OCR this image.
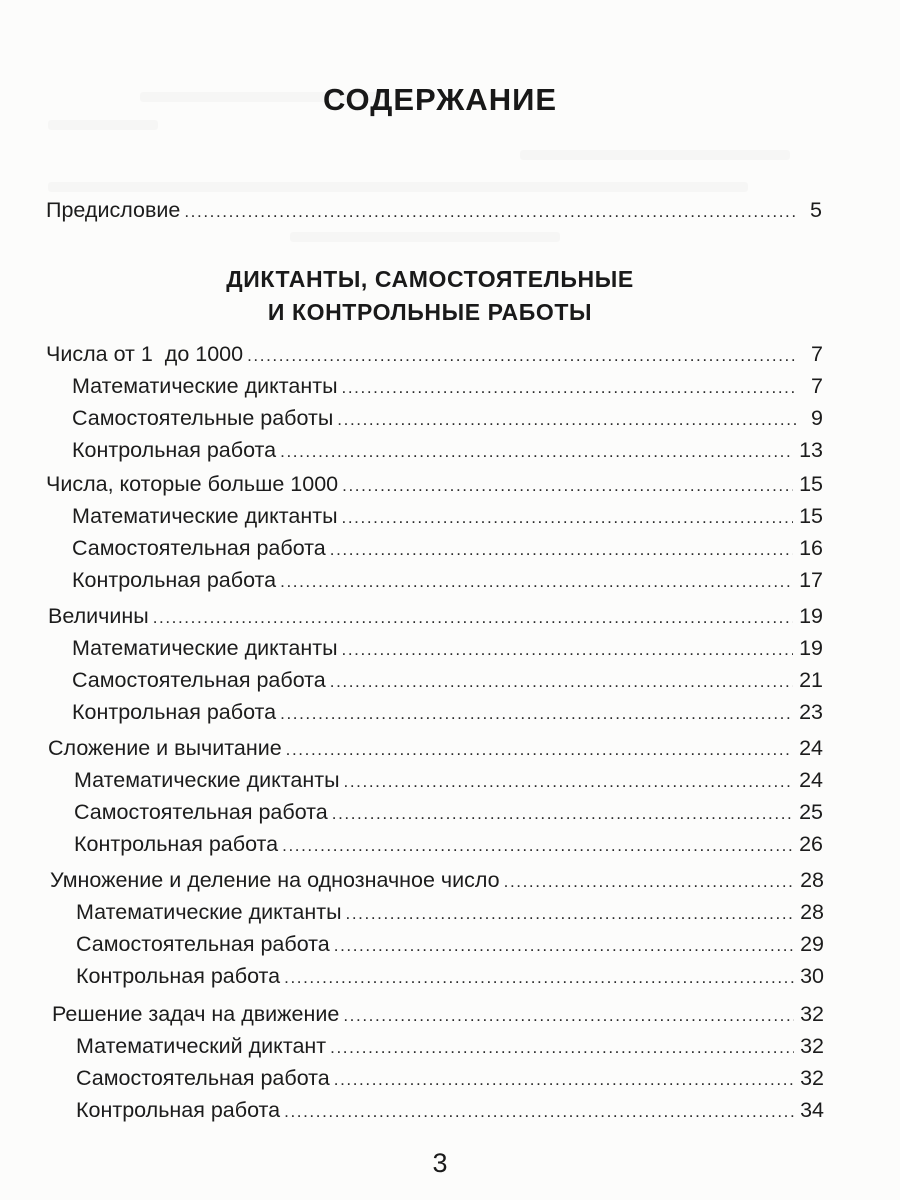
СОДЕРЖАНИЕ
Предисловие .....	5
ДИКТАНТЫ, САМОСТОЯТЕЛЬНЫЕ
И КОНТРОЛЬНЫЕ РАБОТЫ
Числа от 1  до 1000 .....	7
Математические диктанты .....	7
Самостоятельные работы .....	9
Контрольная работа .....	13
Числа, которые больше 1000 .....	15
Математические диктанты .....	15
Самостоятельная работа .....	16
Контрольная работа .....	17
Величины .....	19
Математические диктанты .....	19
Самостоятельная работа .....	21
Контрольная работа .....	23
Сложение и вычитание .....	24
Математические диктанты .....	24
Самостоятельная работа .....	25
Контрольная работа .....	26
Умножение и деление на однозначное число .....	28
Математические диктанты .....	28
Самостоятельная работа .....	29
Контрольная работа .....	30
Решение задач на движение .....	32
Математический диктант .....	32
Самостоятельная работа .....	32
Контрольная работа .....	34
3
